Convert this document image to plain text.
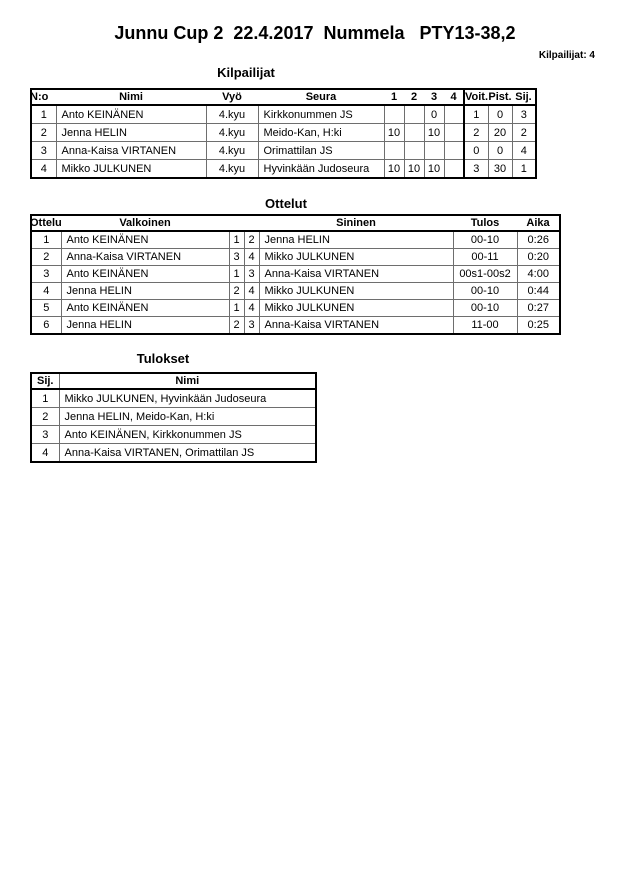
Junnu Cup 2  22.4.2017  Nummela   PTY13-38,2
Kilpailijat: 4
Kilpailijat
N:o	Nimi	Vyö	Seura	1	2	3	4	Voit.	Pist.	Sij.
1	Anto KEINÄNEN	4.kyu	Kirkkonummen JS			0		1	0	3
2	Jenna HELIN	4.kyu	Meido-Kan, H:ki	10		10		2	20	2
3	Anna-Kaisa VIRTANEN	4.kyu	Orimattilan JS					0	0	4
4	Mikko JULKUNEN	4.kyu	Hyvinkään Judoseura	10	10	10		3	30	1
Ottelut
Ottelu	Valkoinen			Sininen	Tulos	Aika
1	Anto KEINÄNEN	1	2	Jenna HELIN	00-10	0:26
2	Anna-Kaisa VIRTANEN	3	4	Mikko JULKUNEN	00-11	0:20
3	Anto KEINÄNEN	1	3	Anna-Kaisa VIRTANEN	00s1-00s2	4:00
4	Jenna HELIN	2	4	Mikko JULKUNEN	00-10	0:44
5	Anto KEINÄNEN	1	4	Mikko JULKUNEN	00-10	0:27
6	Jenna HELIN	2	3	Anna-Kaisa VIRTANEN	11-00	0:25
Tulokset
Sij.	Nimi
1	Mikko JULKUNEN, Hyvinkään Judoseura
2	Jenna HELIN, Meido-Kan, H:ki
3	Anto KEINÄNEN, Kirkkonummen JS
4	Anna-Kaisa VIRTANEN, Orimattilan JS
